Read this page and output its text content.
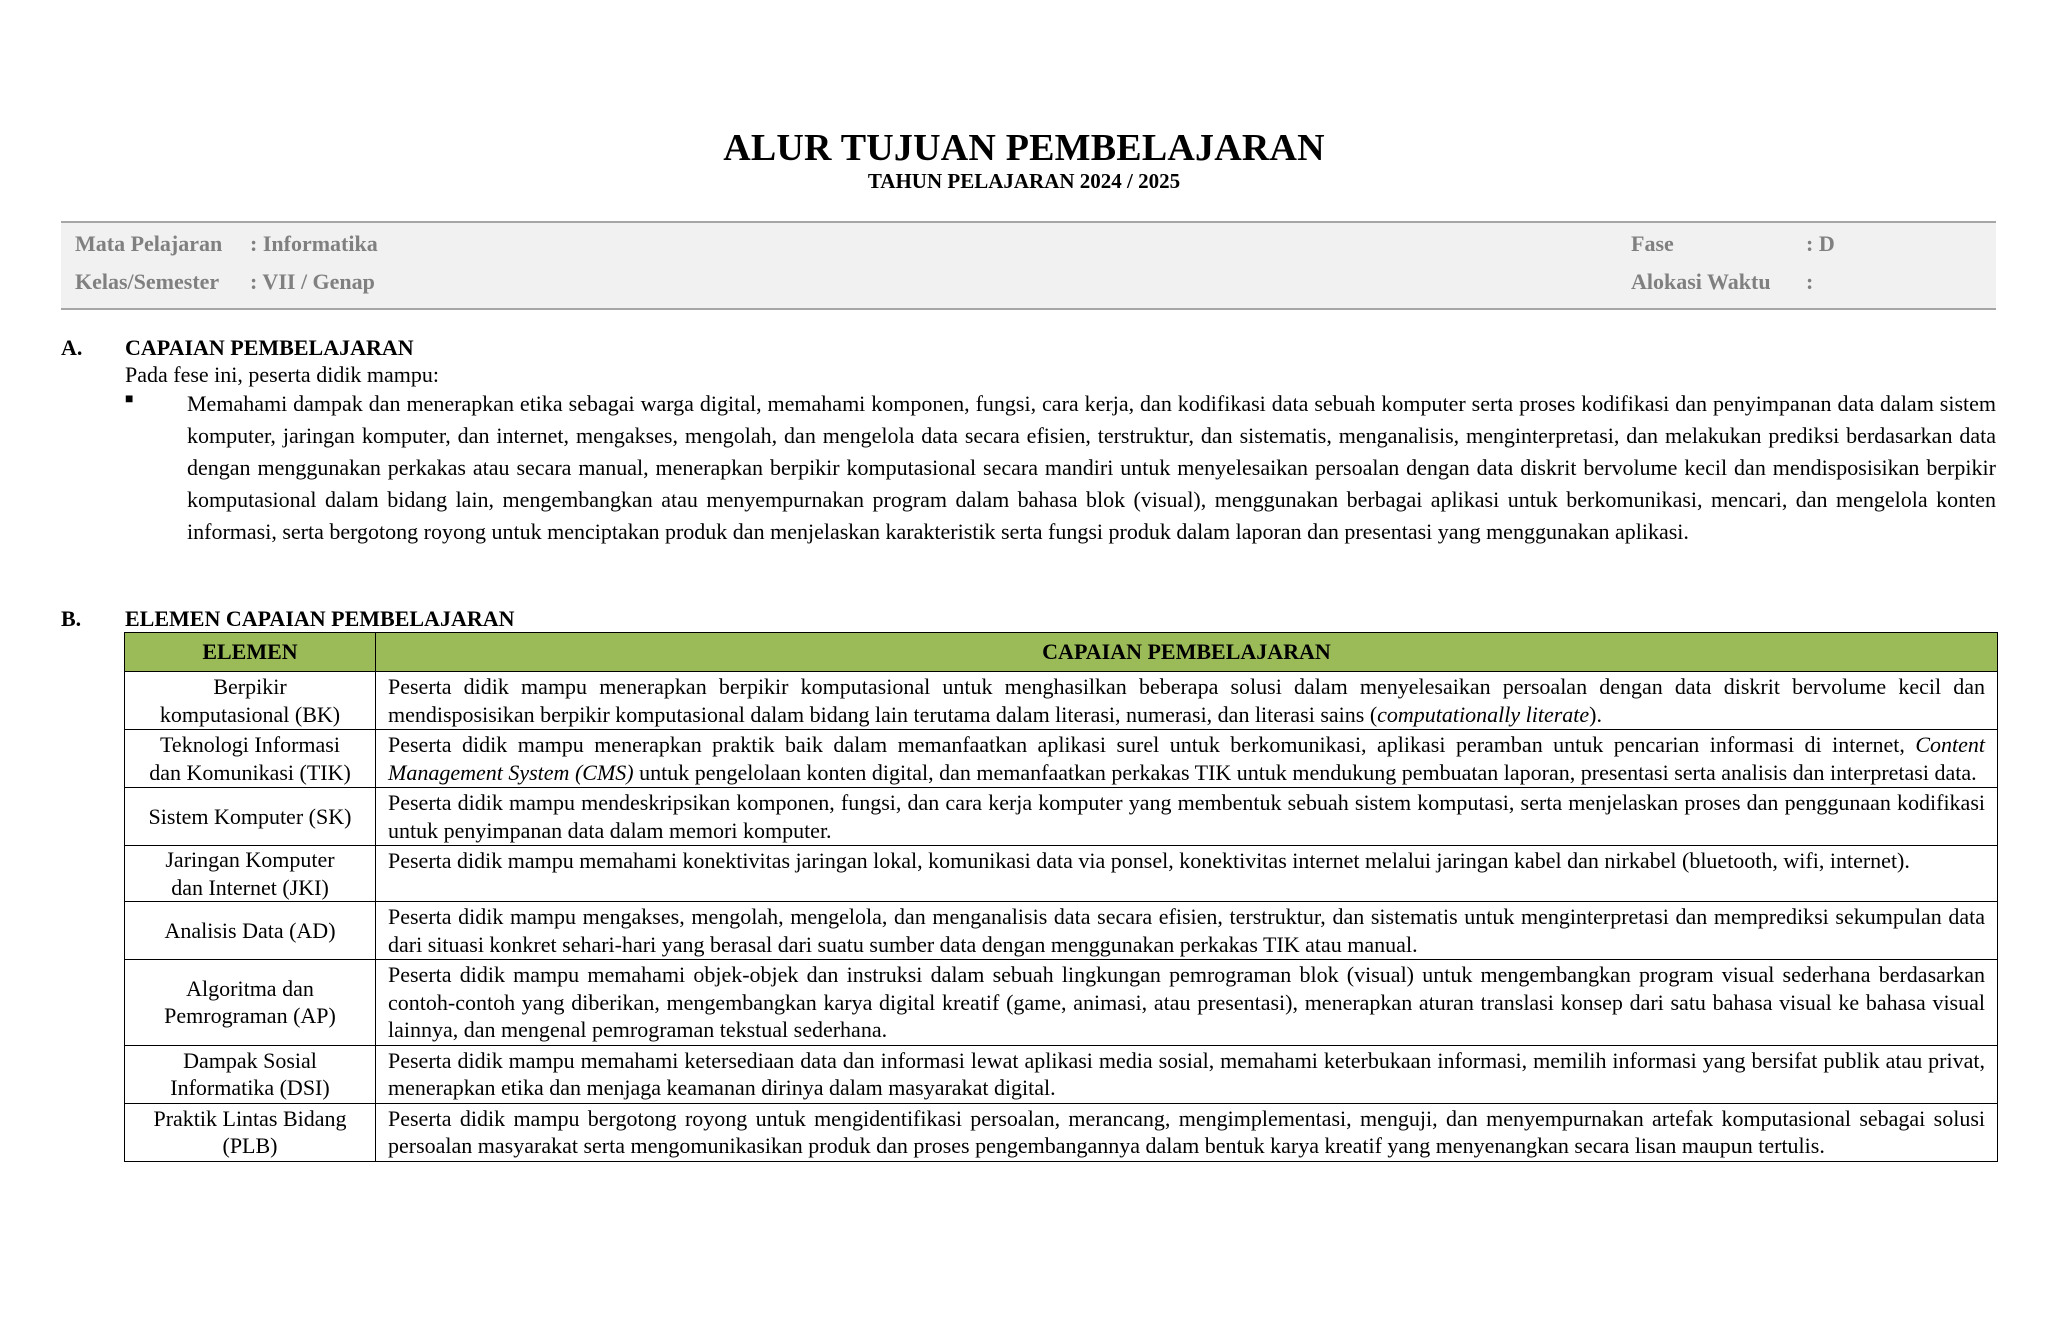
ALUR TUJUAN PEMBELAJARAN
TAHUN PELAJARAN 2024 / 2025
Mata Pelajaran : Informatika
Kelas/Semester : VII / Genap
Fase	: D
Alokasi Waktu :
A. CAPAIAN PEMBELAJARAN
Pada fese ini, peserta didik mampu:
■ Memahami dampak dan menerapkan etika sebagai warga digital, memahami komponen, fungsi, cara kerja, dan kodifikasi data sebuah komputer serta proses kodifikasi dan penyimpanan data dalam sistem komputer, jaringan komputer, dan internet, mengakses, mengolah, dan mengelola data secara efisien, terstruktur, dan sistematis, menganalisis, menginterpretasi, dan melakukan prediksi berdasarkan data dengan menggunakan perkakas atau secara manual, menerapkan berpikir komputasional secara mandiri untuk menyelesaikan persoalan dengan data diskrit bervolume kecil dan mendisposisikan berpikir komputasional dalam bidang lain, mengembangkan atau menyempurnakan program dalam bahasa blok (visual), menggunakan berbagai aplikasi untuk berkomunikasi, mencari, dan mengelola konten informasi, serta bergotong royong untuk menciptakan produk dan menjelaskan karakteristik serta fungsi produk dalam laporan dan presentasi yang menggunakan aplikasi.
B. ELEMEN CAPAIAN PEMBELAJARAN
ELEMEN	CAPAIAN PEMBELAJARAN

Berpikir
komputasional (BK)	Peserta didik mampu menerapkan berpikir komputasional untuk menghasilkan beberapa solusi dalam menyelesaikan persoalan dengan data diskrit bervolume kecil dan mendisposisikan berpikir komputasional dalam bidang lain terutama dalam literasi, numerasi, dan literasi sains (computationally literate).

Teknologi Informasi
dan Komunikasi (TIK)	Peserta didik mampu menerapkan praktik baik dalam memanfaatkan aplikasi surel untuk berkomunikasi, aplikasi peramban untuk pencarian informasi di internet, Content Management System (CMS) untuk pengelolaan konten digital, dan memanfaatkan perkakas TIK untuk mendukung pembuatan laporan, presentasi serta analisis dan interpretasi data.

Sistem Komputer (SK)	Peserta didik mampu mendeskripsikan komponen, fungsi, dan cara kerja komputer yang membentuk sebuah sistem komputasi, serta menjelaskan proses dan penggunaan kodifikasi untuk penyimpanan data dalam memori komputer.

Jaringan Komputer
dan Internet (JKI)	Peserta didik mampu memahami konektivitas jaringan lokal, komunikasi data via ponsel, konektivitas internet melalui jaringan kabel dan nirkabel (bluetooth, wifi, internet).

Analisis Data (AD)	Peserta didik mampu mengakses, mengolah, mengelola, dan menganalisis data secara efisien, terstruktur, dan sistematis untuk menginterpretasi dan memprediksi sekumpulan data dari situasi konkret sehari-hari yang berasal dari suatu sumber data dengan menggunakan perkakas TIK atau manual.

Algoritma dan
Pemrograman (AP)	Peserta didik mampu memahami objek-objek dan instruksi dalam sebuah lingkungan pemrograman blok (visual) untuk mengembangkan program visual sederhana berdasarkan contoh-contoh yang diberikan, mengembangkan karya digital kreatif (game, animasi, atau presentasi), menerapkan aturan translasi konsep dari satu bahasa visual ke bahasa visual lainnya, dan mengenal pemrograman tekstual sederhana.

Dampak Sosial
Informatika (DSI)	Peserta didik mampu memahami ketersediaan data dan informasi lewat aplikasi media sosial, memahami keterbukaan informasi, memilih informasi yang bersifat publik atau privat, menerapkan etika dan menjaga keamanan dirinya dalam masyarakat digital.

Praktik Lintas Bidang
(PLB)	Peserta didik mampu bergotong royong untuk mengidentifikasi persoalan, merancang, mengimplementasi, menguji, dan menyempurnakan artefak komputasional sebagai solusi persoalan masyarakat serta mengomunikasikan produk dan proses pengembangannya dalam bentuk karya kreatif yang menyenangkan secara lisan maupun tertulis.
